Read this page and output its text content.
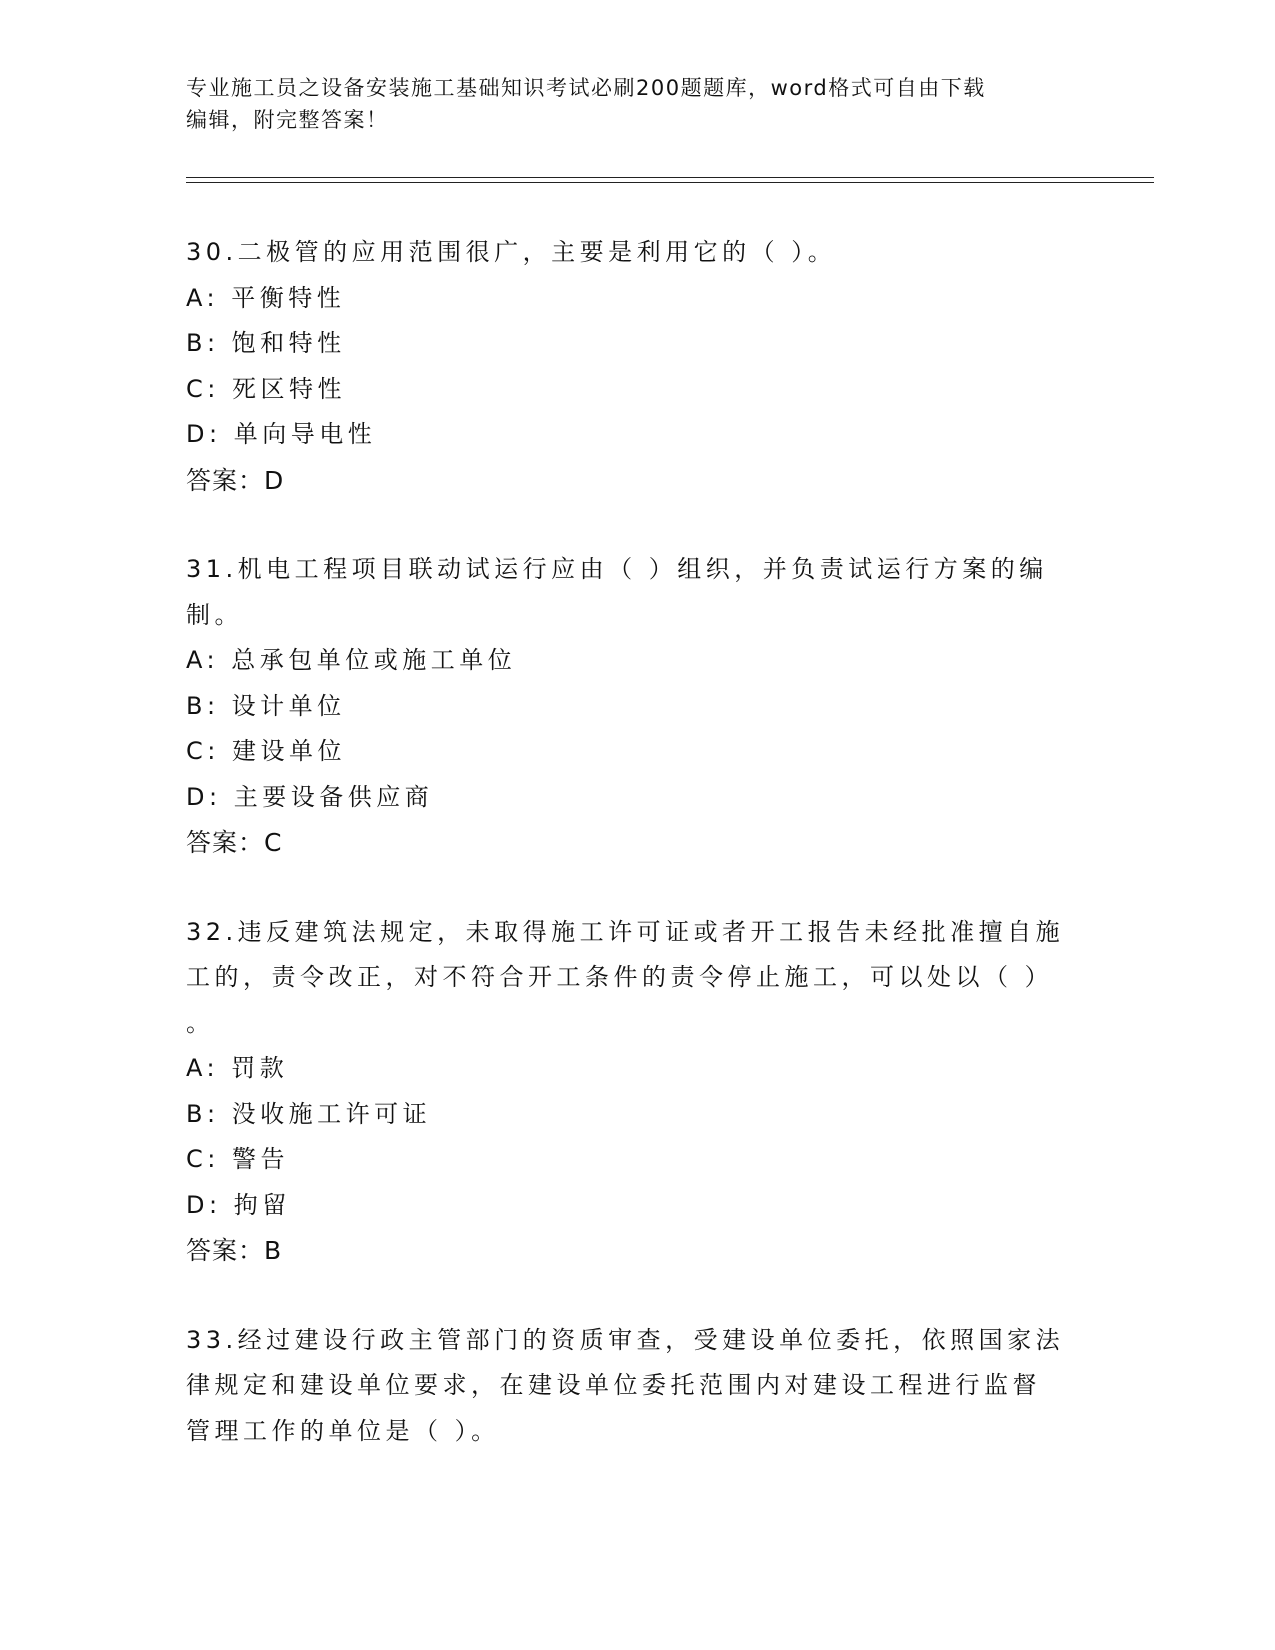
专业施工员之设备安装施工基础知识考试必刷200题题库，word格式可自由下载
编辑，附完整答案！
30.二极管的应用范围很广，主要是利用它的（ ）。
A: 平衡特性
B: 饱和特性
C: 死区特性
D: 单向导电性
答案：D
31.机电工程项目联动试运行应由（ ）组织，并负责试运行方案的编
制。
A: 总承包单位或施工单位
B: 设计单位
C: 建设单位
D: 主要设备供应商
答案：C
32.违反建筑法规定，未取得施工许可证或者开工报告未经批准擅自施
工的，责令改正，对不符合开工条件的责令停止施工，可以处以（ ）
。
A: 罚款
B: 没收施工许可证
C: 警告
D: 拘留
答案：B
33.经过建设行政主管部门的资质审查，受建设单位委托，依照国家法
律规定和建设单位要求，在建设单位委托范围内对建设工程进行监督
管理工作的单位是（ ）。
